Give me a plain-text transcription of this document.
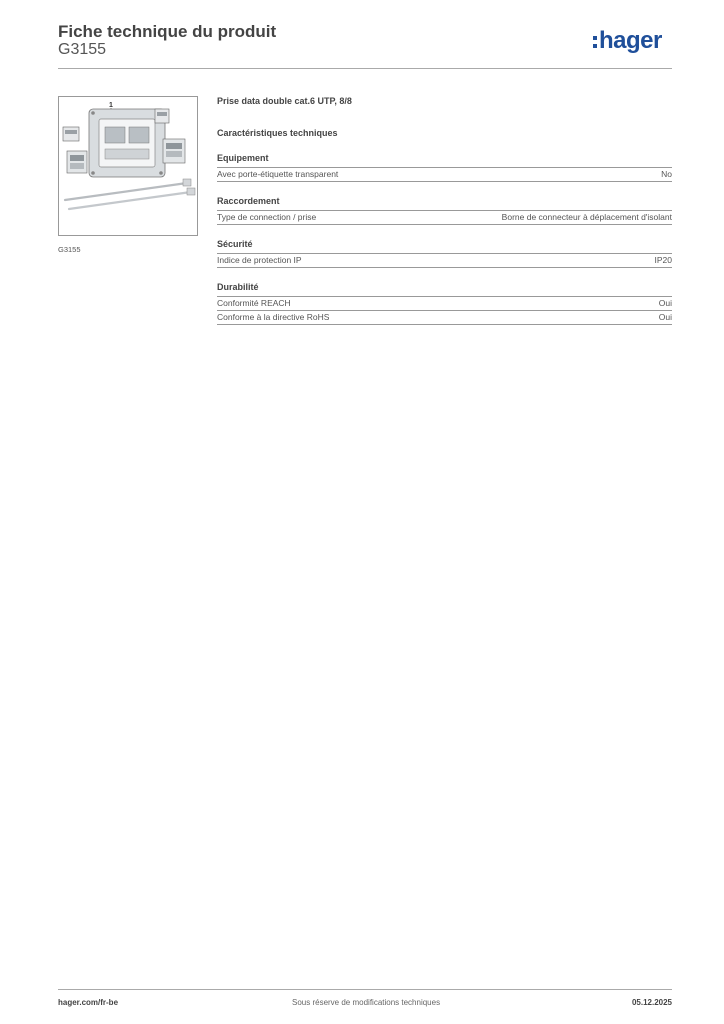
Fiche technique du produit
G3155	hager
1
G3155
Prise data double cat.6 UTP, 8/8
Caractéristiques techniques
Equipement
Avec porte-étiquette transparent	No
Raccordement
Type de connection / prise	Borne de connecteur à déplacement d'isolant
Sécurité
Indice de protection IP	IP20
Durabilité
Conformité REACH	Oui
Conforme à la directive RoHS	Oui
hager.com/fr-be	Sous réserve de modifications techniques	05.12.2025
